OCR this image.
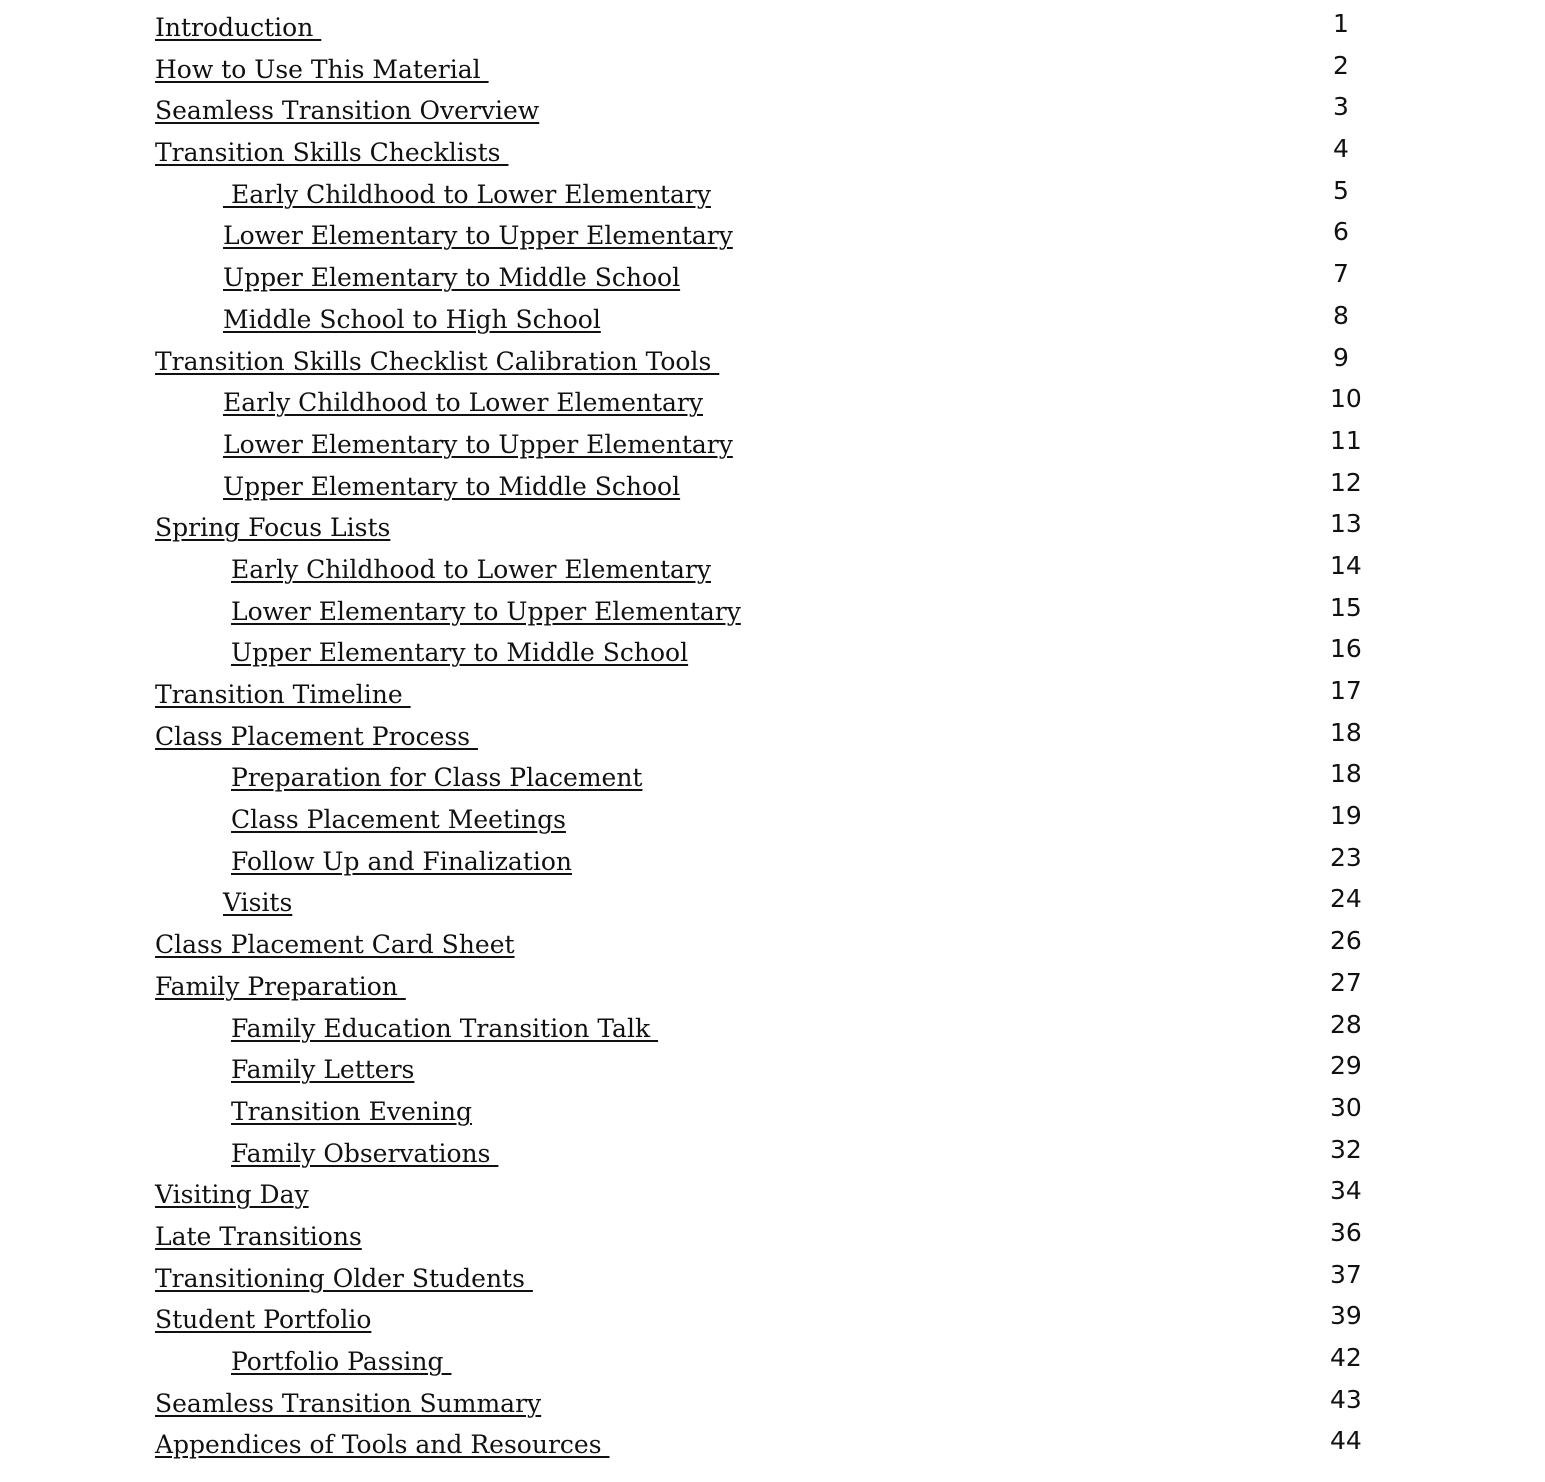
Introduction	1
How to Use This Material	2
Seamless Transition Overview	3
Transition Skills Checklists	4
Early Childhood to Lower Elementary	5
Lower Elementary to Upper Elementary	6
Upper Elementary to Middle School	7
Middle School to High School	8
Transition Skills Checklist Calibration Tools	9
Early Childhood to Lower Elementary	10
Lower Elementary to Upper Elementary	11
Upper Elementary to Middle School	12
Spring Focus Lists	13
Early Childhood to Lower Elementary	14
Lower Elementary to Upper Elementary	15
Upper Elementary to Middle School	16
Transition Timeline	17
Class Placement Process	18
Preparation for Class Placement	18
Class Placement Meetings	19
Follow Up and Finalization	23
Visits	24
Class Placement Card Sheet	26
Family Preparation	27
Family Education Transition Talk	28
Family Letters	29
Transition Evening	30
Family Observations	32
Visiting Day	34
Late Transitions	36
Transitioning Older Students	37
Student Portfolio	39
Portfolio Passing	42
Seamless Transition Summary	43
Appendices of Tools and Resources	44
